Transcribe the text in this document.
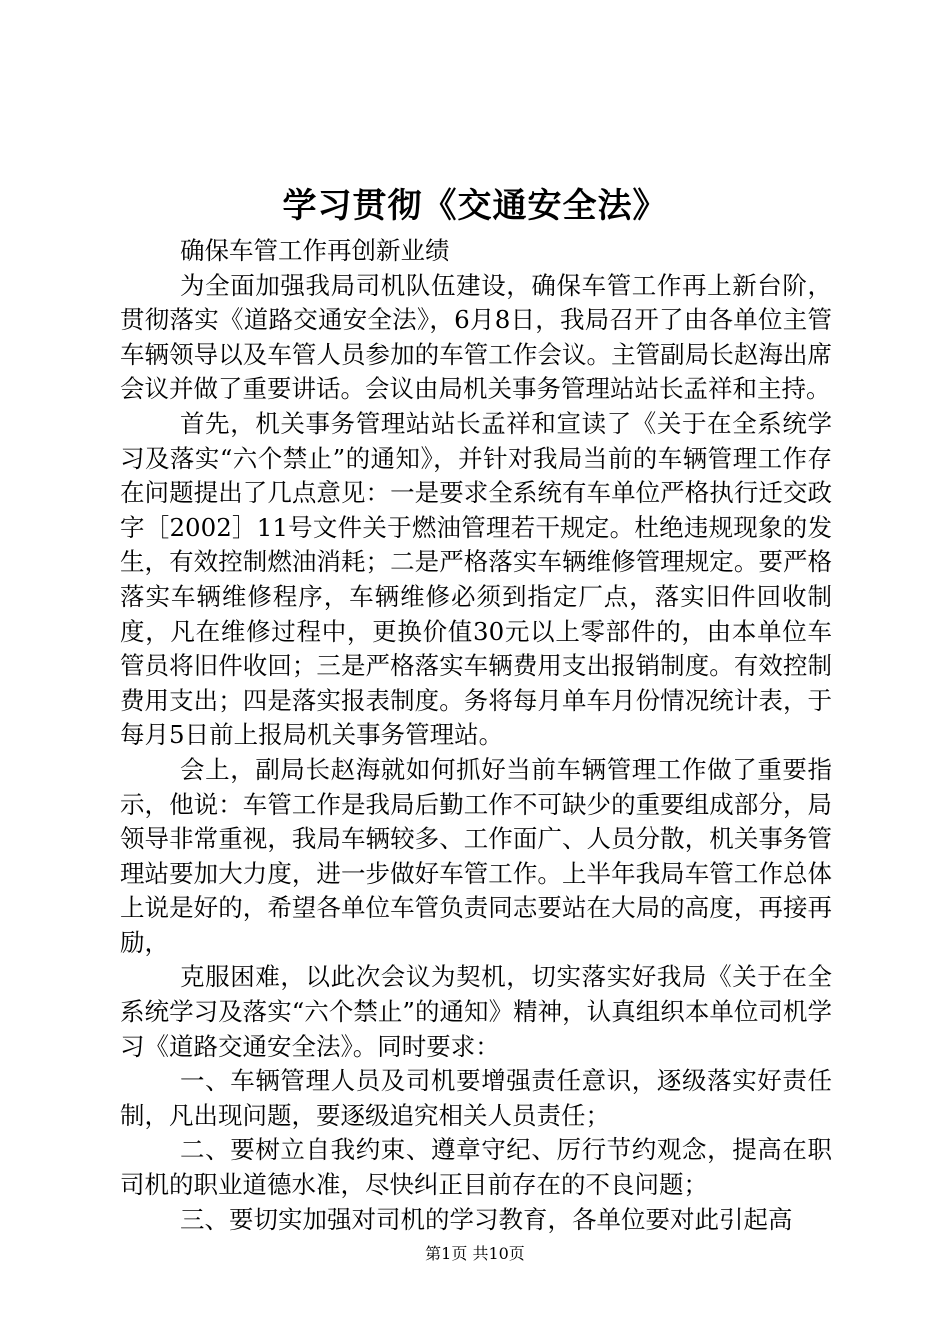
学习贯彻《交通安全法》

确保车管工作再创新业绩

为全面加强我局司机队伍建设，确保车管工作再上新台阶，贯彻落实《道路交通安全法》，6月8日，我局召开了由各单位主管车辆领导以及车管人员参加的车管工作会议。主管副局长赵海出席会议并做了重要讲话。会议由局机关事务管理站站长孟祥和主持。

首先，机关事务管理站站长孟祥和宣读了《关于在全系统学习及落实“六个禁止”的通知》，并针对我局当前的车辆管理工作存在问题提出了几点意见：一是要求全系统有车单位严格执行迁交政字［2002］11号文件关于燃油管理若干规定。杜绝违规现象的发生，有效控制燃油消耗；二是严格落实车辆维修管理规定。要严格落实车辆维修程序，车辆维修必须到指定厂点，落实旧件回收制度，凡在维修过程中，更换价值30元以上零部件的，由本单位车管员将旧件收回；三是严格落实车辆费用支出报销制度。有效控制费用支出；四是落实报表制度。务将每月单车月份情况统计表，于每月5日前上报局机关事务管理站。

会上，副局长赵海就如何抓好当前车辆管理工作做了重要指示，他说：车管工作是我局后勤工作不可缺少的重要组成部分，局领导非常重视，我局车辆较多、工作面广、人员分散，机关事务管理站要加大力度，进一步做好车管工作。上半年我局车管工作总体上说是好的，希望各单位车管负责同志要站在大局的高度，再接再励，

克服困难，以此次会议为契机，切实落实好我局《关于在全系统学习及落实“六个禁止”的通知》精神，认真组织本单位司机学习《道路交通安全法》。同时要求：

一、车辆管理人员及司机要增强责任意识，逐级落实好责任制，凡出现问题，要逐级追究相关人员责任；

二、要树立自我约束、遵章守纪、厉行节约观念，提高在职司机的职业道德水准，尽快纠正目前存在的不良问题；

三、要切实加强对司机的学习教育，各单位要对此引起高

第1页 共10页
